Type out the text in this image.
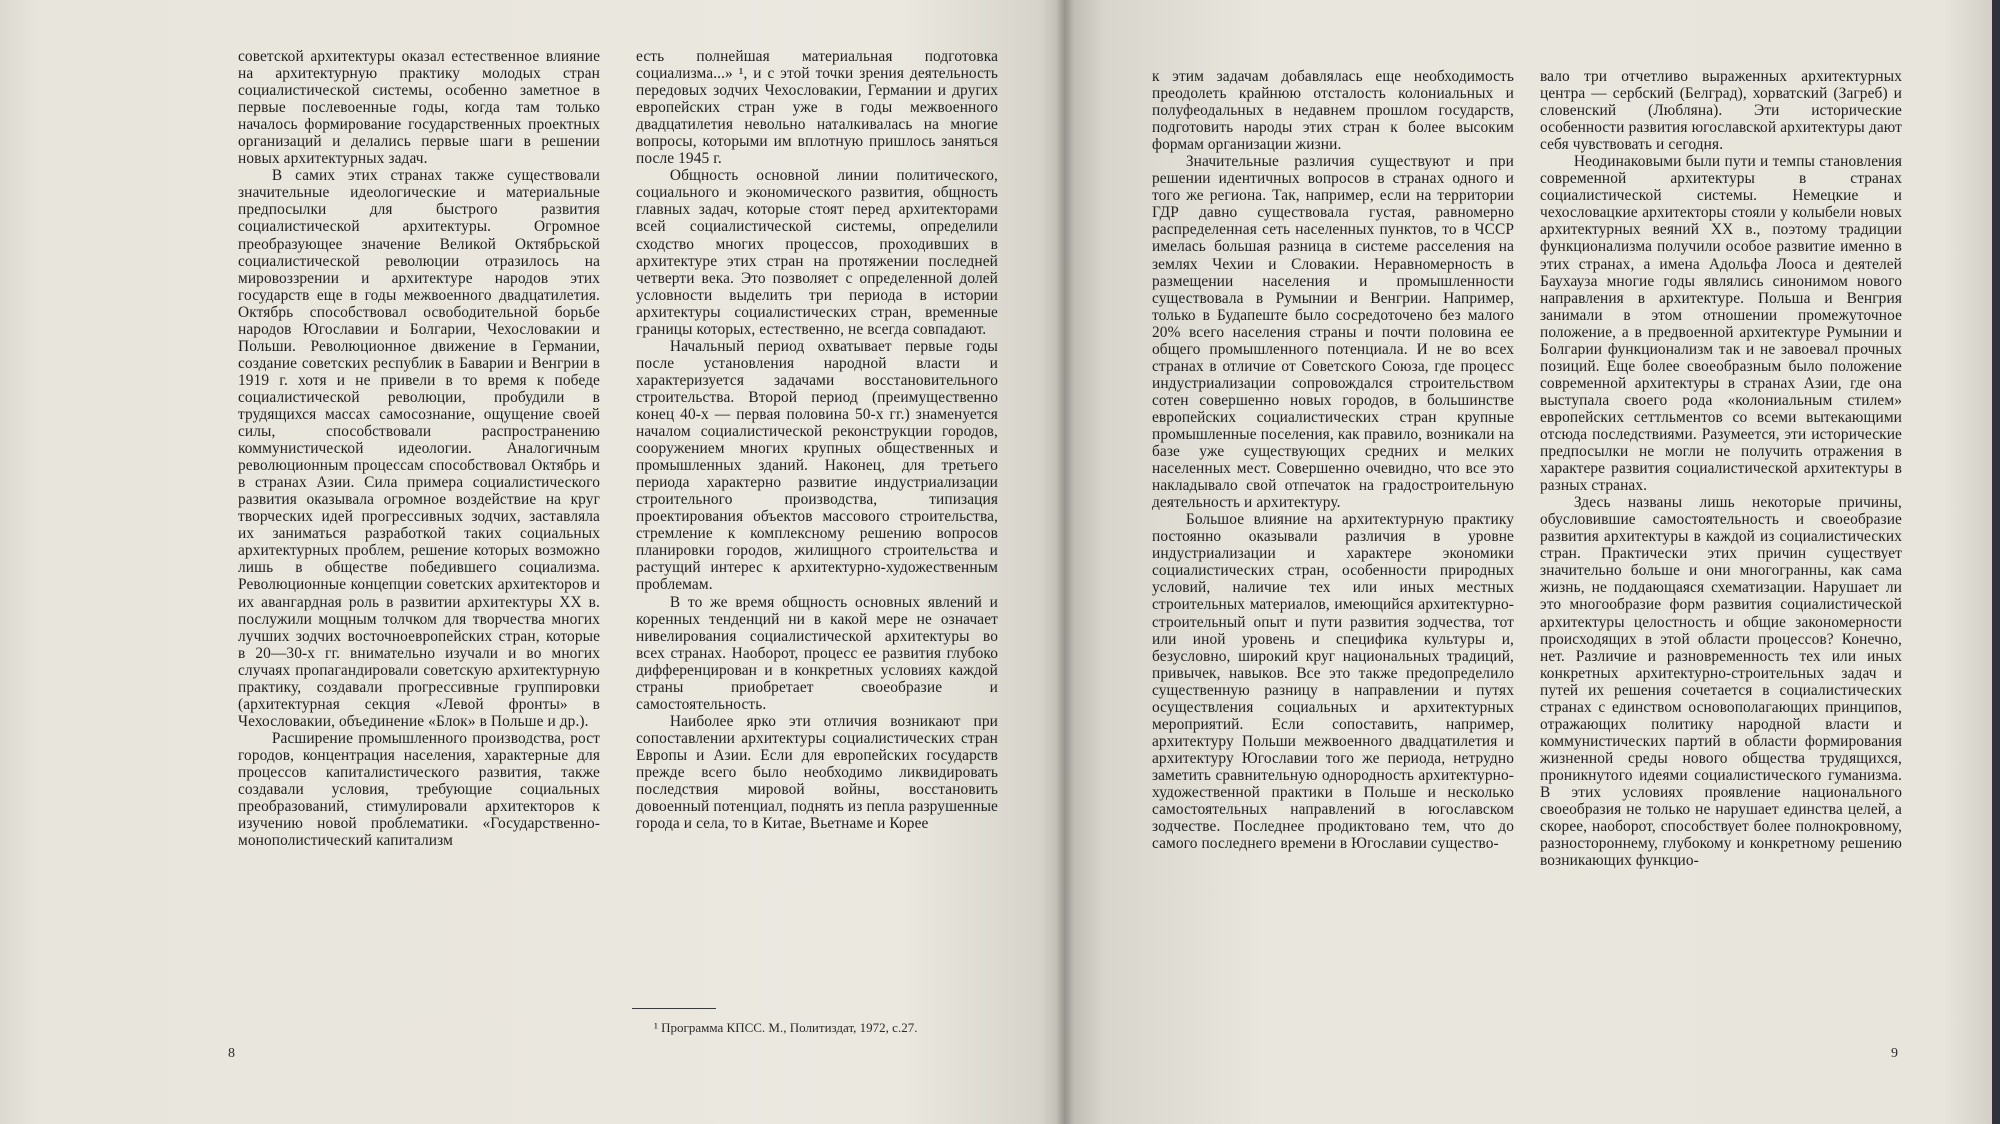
советской архитектуры оказал естественное влияние на архитектурную практику молодых стран социалистической системы, особенно заметное в первые послевоенные годы, когда там только началось формирование государственных проектных организаций и делались первые шаги в решении новых архитектурных задач.

В самих этих странах также существовали значительные идеологические и материальные предпосылки для быстрого развития социалистической архитектуры. Огромное преобразующее значение Великой Октябрьской социалистической революции отразилось на мировоззрении и архитектуре народов этих государств еще в годы межвоенного двадцатилетия. Октябрь способствовал освободительной борьбе народов Югославии и Болгарии, Чехословакии и Польши. Революционное движение в Германии, создание советских республик в Баварии и Венгрии в 1919 г. хотя и не привели в то время к победе социалистической революции, пробудили в трудящихся массах самосознание, ощущение своей силы, способствовали распространению коммунистической идеологии. Аналогичным революционным процессам способствовал Октябрь и в странах Азии. Сила примера социалистического развития оказывала огромное воздействие на круг творческих идей прогрессивных зодчих, заставляла их заниматься разработкой таких социальных архитектурных проблем, решение которых возможно лишь в обществе победившего социализма. Революционные концепции советских архитекторов и их авангардная роль в развитии архитектуры XX в. послужили мощным толчком для творчества многих лучших зодчих восточноевропейских стран, которые в 20—30-х гг. внимательно изучали и во многих случаях пропагандировали советскую архитектурную практику, создавали прогрессивные группировки (архитектурная секция «Левой фронты» в Чехословакии, объединение «Блок» в Польше и др.).

Расширение промышленного производства, рост городов, концентрация населения, характерные для процессов капиталистического развития, также создавали условия, требующие социальных преобразований, стимулировали архитекторов к изучению новой проблематики. «Государственно-монополистический капитализм

есть полнейшая материальная подготовка социализма...» ¹, и с этой точки зрения деятельность передовых зодчих Чехословакии, Германии и других европейских стран уже в годы межвоенного двадцатилетия невольно наталкивалась на многие вопросы, которыми им вплотную пришлось заняться после 1945 г.

Общность основной линии политического, социального и экономического развития, общность главных задач, которые стоят перед архитекторами всей социалистической системы, определили сходство многих процессов, проходивших в архитектуре этих стран на протяжении последней четверти века. Это позволяет с определенной долей условности выделить три периода в истории архитектуры социалистических стран, временные границы которых, естественно, не всегда совпадают.

Начальный период охватывает первые годы после установления народной власти и характеризуется задачами восстановительного строительства. Второй период (преимущественно конец 40-х — первая половина 50-х гг.) знаменуется началом социалистической реконструкции городов, сооружением многих крупных общественных и промышленных зданий. Наконец, для третьего периода характерно развитие индустриализации строительного производства, типизация проектирования объектов массового строительства, стремление к комплексному решению вопросов планировки городов, жилищного строительства и растущий интерес к архитектурно-художественным проблемам.

В то же время общность основных явлений и коренных тенденций ни в какой мере не означает нивелирования социалистической архитектуры во всех странах. Наоборот, процесс ее развития глубоко дифференцирован и в конкретных условиях каждой страны приобретает своеобразие и самостоятельность.

Наиболее ярко эти отличия возникают при сопоставлении архитектуры социалистических стран Европы и Азии. Если для европейских государств прежде всего было необходимо ликвидировать последствия мировой войны, восстановить довоенный потенциал, поднять из пепла разрушенные города и села, то в Китае, Вьетнаме и Корее

¹ Программа КПСС. М., Политиздат, 1972, с.27.
8

к этим задачам добавлялась еще необходимость преодолеть крайнюю отсталость колониальных и полуфеодальных в недавнем прошлом государств, подготовить народы этих стран к более высоким формам организации жизни.

Значительные различия существуют и при решении идентичных вопросов в странах одного и того же региона. Так, например, если на территории ГДР давно существовала густая, равномерно распределенная сеть населенных пунктов, то в ЧССР имелась большая разница в системе расселения на землях Чехии и Словакии. Неравномерность в размещении населения и промышленности существовала в Румынии и Венгрии. Например, только в Будапеште было сосредоточено без малого 20% всего населения страны и почти половина ее общего промышленного потенциала. И не во всех странах в отличие от Советского Союза, где процесс индустриализации сопровождался строительством сотен совершенно новых городов, в большинстве европейских социалистических стран крупные промышленные поселения, как правило, возникали на базе уже существующих средних и мелких населенных мест. Совершенно очевидно, что все это накладывало свой отпечаток на градостроительную деятельность и архитектуру.

Большое влияние на архитектурную практику постоянно оказывали различия в уровне индустриализации и характере экономики социалистических стран, особенности природных условий, наличие тех или иных местных строительных материалов, имеющийся архитектурно-строительный опыт и пути развития зодчества, тот или иной уровень и специфика культуры и, безусловно, широкий круг национальных традиций, привычек, навыков. Все это также предопределило существенную разницу в направлении и путях осуществления социальных и архитектурных мероприятий. Если сопоставить, например, архитектуру Польши межвоенного двадцатилетия и архитектуру Югославии того же периода, нетрудно заметить сравнительную однородность архитектурно-художественной практики в Польше и несколько самостоятельных направлений в югославском зодчестве. Последнее продиктовано тем, что до самого последнего времени в Югославии существо-

вало три отчетливо выраженных архитектурных центра — сербский (Белград), хорватский (Загреб) и словенский (Любляна). Эти исторические особенности развития югославской архитектуры дают себя чувствовать и сегодня.

Неодинаковыми были пути и темпы становления современной архитектуры в странах социалистической системы. Немецкие и чехословацкие архитекторы стояли у колыбели новых архитектурных веяний XX в., поэтому традиции функционализма получили особое развитие именно в этих странах, а имена Адольфа Лооса и деятелей Баухауза многие годы являлись синонимом нового направления в архитектуре. Польша и Венгрия занимали в этом отношении промежуточное положение, а в предвоенной архитектуре Румынии и Болгарии функционализм так и не завоевал прочных позиций. Еще более своеобразным было положение современной архитектуры в странах Азии, где она выступала своего рода «колониальным стилем» европейских сеттльментов со всеми вытекающими отсюда последствиями. Разумеется, эти исторические предпосылки не могли не получить отражения в характере развития социалистической архитектуры в разных странах.

Здесь названы лишь некоторые причины, обусловившие самостоятельность и своеобразие развития архитектуры в каждой из социалистических стран. Практически этих причин существует значительно больше и они многогранны, как сама жизнь, не поддающаяся схематизации. Нарушает ли это многообразие форм развития социалистической архитектуры целостность и общие закономерности происходящих в этой области процессов? Конечно, нет. Различие и разновременность тех или иных конкретных архитектурно-строительных задач и путей их решения сочетается в социалистических странах с единством основополагающих принципов, отражающих политику народной власти и коммунистических партий в области формирования жизненной среды нового общества трудящихся, проникнутого идеями социалистического гуманизма. В этих условиях проявление национального своеобразия не только не нарушает единства целей, а скорее, наоборот, способствует более полнокровному, разностороннему, глубокому и конкретному решению возникающих функцио-

9
